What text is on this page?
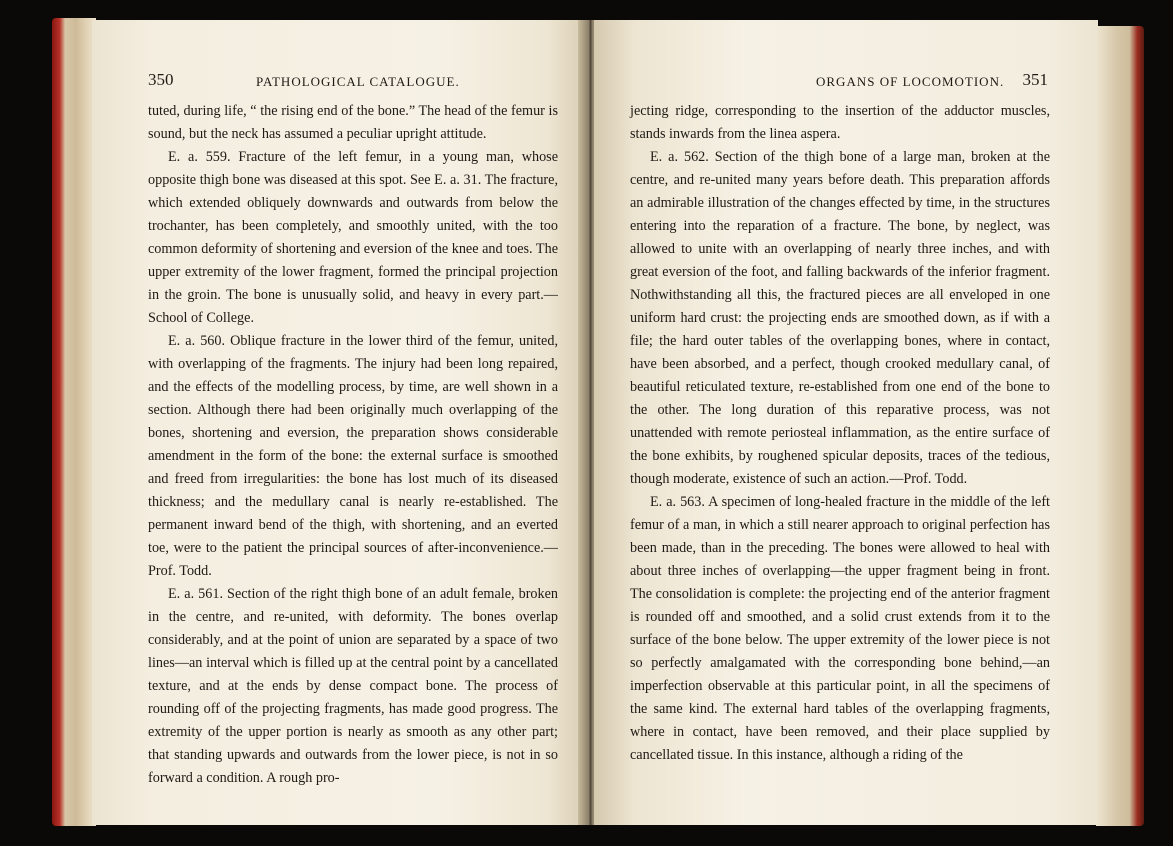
350	PATHOLOGICAL CATALOGUE.

tuted, during life, “ the rising end of the bone.” The head of the femur is sound, but the neck has assumed a peculiar upright attitude.

E. a. 559. Fracture of the left femur, in a young man, whose opposite thigh bone was diseased at this spot. See E. a. 31. The fracture, which extended obliquely downwards and outwards from below the trochanter, has been completely, and smoothly united, with the too common deformity of shortening and eversion of the knee and toes. The upper extremity of the lower fragment, formed the principal projection in the groin. The bone is unusually solid, and heavy in every part.—School of College.

E. a. 560. Oblique fracture in the lower third of the femur, united, with overlapping of the fragments. The injury had been long repaired, and the effects of the modelling process, by time, are well shown in a section. Although there had been originally much overlapping of the bones, shortening and eversion, the preparation shows considerable amendment in the form of the bone: the external surface is smoothed and freed from irregularities: the bone has lost much of its diseased thickness; and the medullary canal is nearly re-established. The permanent inward bend of the thigh, with shortening, and an everted toe, were to the patient the principal sources of after-inconvenience.—Prof. Todd.

E. a. 561. Section of the right thigh bone of an adult female, broken in the centre, and re-united, with deformity. The bones overlap considerably, and at the point of union are separated by a space of two lines—an interval which is filled up at the central point by a cancellated texture, and at the ends by dense compact bone. The process of rounding off of the projecting fragments, has made good progress. The extremity of the upper portion is nearly as smooth as any other part; that standing upwards and outwards from the lower piece, is not in so forward a condition. A rough pro-

ORGANS OF LOCOMOTION. 351

jecting ridge, corresponding to the insertion of the adductor muscles, stands inwards from the linea aspera.

E. a. 562. Section of the thigh bone of a large man, broken at the centre, and re-united many years before death. This preparation affords an admirable illustration of the changes effected by time, in the structures entering into the reparation of a fracture. The bone, by neglect, was allowed to unite with an overlapping of nearly three inches, and with great eversion of the foot, and falling backwards of the inferior fragment. Nothwithstanding all this, the fractured pieces are all enveloped in one uniform hard crust: the projecting ends are smoothed down, as if with a file; the hard outer tables of the overlapping bones, where in contact, have been absorbed, and a perfect, though crooked medullary canal, of beautiful reticulated texture, re-established from one end of the bone to the other. The long duration of this reparative process, was not unattended with remote periosteal inflammation, as the entire surface of the bone exhibits, by roughened spicular deposits, traces of the tedious, though moderate, existence of such an action.—Prof. Todd.

E. a. 563. A specimen of long-healed fracture in the middle of the left femur of a man, in which a still nearer approach to original perfection has been made, than in the preceding. The bones were allowed to heal with about three inches of overlapping—the upper fragment being in front. The consolidation is complete: the projecting end of the anterior fragment is rounded off and smoothed, and a solid crust extends from it to the surface of the bone below. The upper extremity of the lower piece is not so perfectly amalgamated with the corresponding bone behind,—an imperfection observable at this particular point, in all the specimens of the same kind. The external hard tables of the overlapping fragments, where in contact, have been removed, and their place supplied by cancellated tissue. In this instance, although a riding of the
